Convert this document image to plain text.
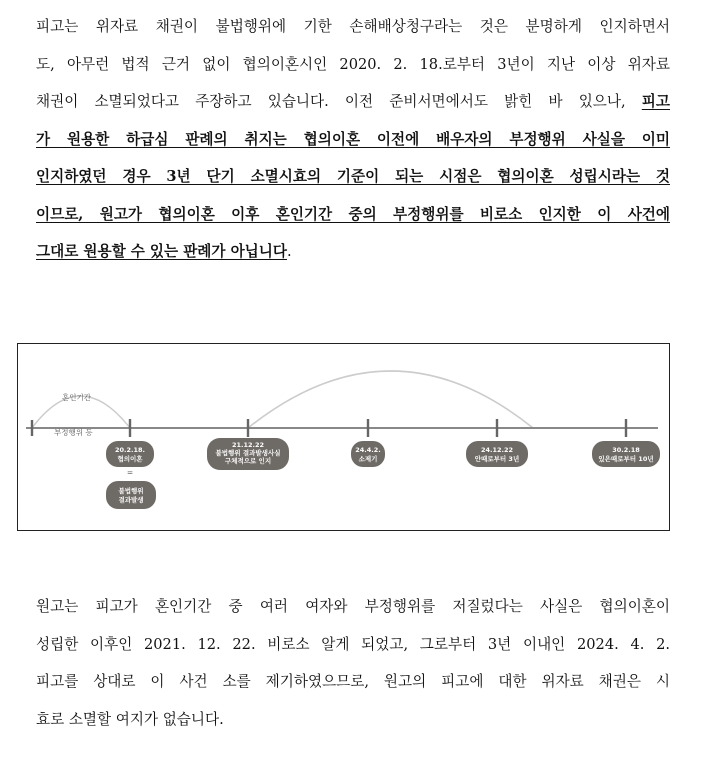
피고는 위자료 채권이 불법행위에 기한 손해배상청구라는 것은 분명하게 인지하면서
도, 아무런 법적 근거 없이 협의이혼시인 2020. 2. 18.로부터 3년이 지난 이상 위자료
채권이 소멸되었다고 주장하고 있습니다. 이전 준비서면에서도 밝힌 바 있으나, 피고
가 원용한 하급심 판례의 취지는 협의이혼 이전에 배우자의 부정행위 사실을 이미
인지하였던 경우 3년 단기 소멸시효의 기준이 되는 시점은 협의이혼 성립시라는 것
이므로, 원고가 협의이혼 이후 혼인기간 중의 부정행위를 비로소 인지한 이 사건에
그대로 원용할 수 있는 판례가 아닙니다.
혼인기간
부정행위 등
20.2.18.
협의이혼
=
불법행위
결과발생
21.12.22
불법행위 결과발생사실
구체적으로 인지
24.4.2.
소제기
24.12.22
안때로부터 3년
30.2.18
있은때로부터 10년
원고는 피고가 혼인기간 중 여러 여자와 부정행위를 저질렀다는 사실은 협의이혼이
성립한 이후인 2021. 12. 22. 비로소 알게 되었고, 그로부터 3년 이내인 2024. 4. 2.
피고를 상대로 이 사건 소를 제기하였으므로, 원고의 피고에 대한 위자료 채권은 시
효로 소멸할 여지가 없습니다.
